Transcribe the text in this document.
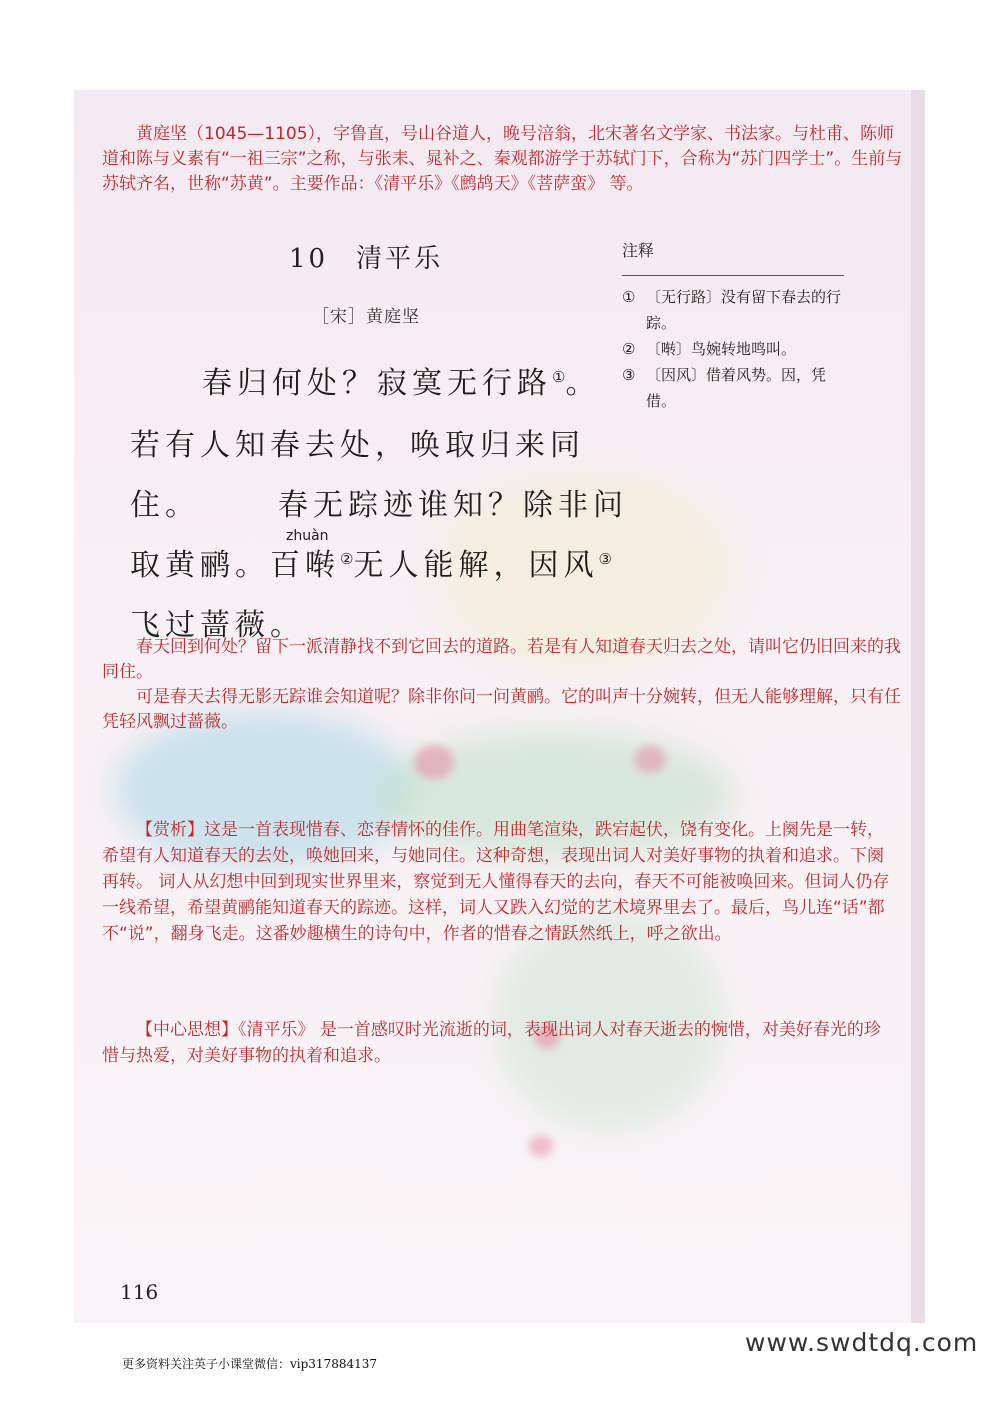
黄庭坚（1045—1105），字鲁直，号山谷道人，晚号涪翁，北宋著名文学家、书法家。与杜甫、陈师道和陈与义素有“一祖三宗”之称，与张耒、晁补之、秦观都游学于苏轼门下，合称为“苏门四学士”。生前与苏轼齐名，世称“苏黄”。主要作品：《清平乐》《鹧鸪天》《菩萨蛮》 等。
10 清平乐
［宋］黄庭坚
注释
① 〔无行路〕没有留下春去的行踪。
② 〔啭〕鸟婉转地鸣叫。
③ 〔因风〕借着风势。因，凭借。
zhuàn
春归何处？寂寞无行路①。
若有人知春去处，唤取归来同
住。	春无踪迹谁知？除非问
取黄鹂。百啭②无人能解，因风③
飞过蔷薇。

春天回到何处？留下一派清静找不到它回去的道路。若是有人知道春天归去之处，请叫它仍旧回来的我同住。

可是春天去得无影无踪谁会知道呢？除非你问一问黄鹂。它的叫声十分婉转，但无人能够理解，只有任凭轻风飘过蔷薇。

【赏析】这是一首表现惜春、恋春情怀的佳作。用曲笔渲染，跌宕起伏，饶有变化。上阕先是一转，希望有人知道春天的去处，唤她回来，与她同住。这种奇想，表现出词人对美好事物的执着和追求。下阕再转。 词人从幻想中回到现实世界里来，察觉到无人懂得春天的去向，春天不可能被唤回来。但词人仍存一线希望，希望黄鹂能知道春天的踪迹。这样，词人又跌入幻觉的艺术境界里去了。最后，鸟儿连“话”都不“说”，翻身飞走。这番妙趣横生的诗句中，作者的惜春之情跃然纸上，呼之欲出。
【中心思想】《清平乐》 是一首感叹时光流逝的词，表现出词人对春天逝去的惋惜，对美好春光的珍惜与热爱，对美好事物的执着和追求。
116
更多资料关注英子小课堂微信：vip317884137
www.swdtdq.com
